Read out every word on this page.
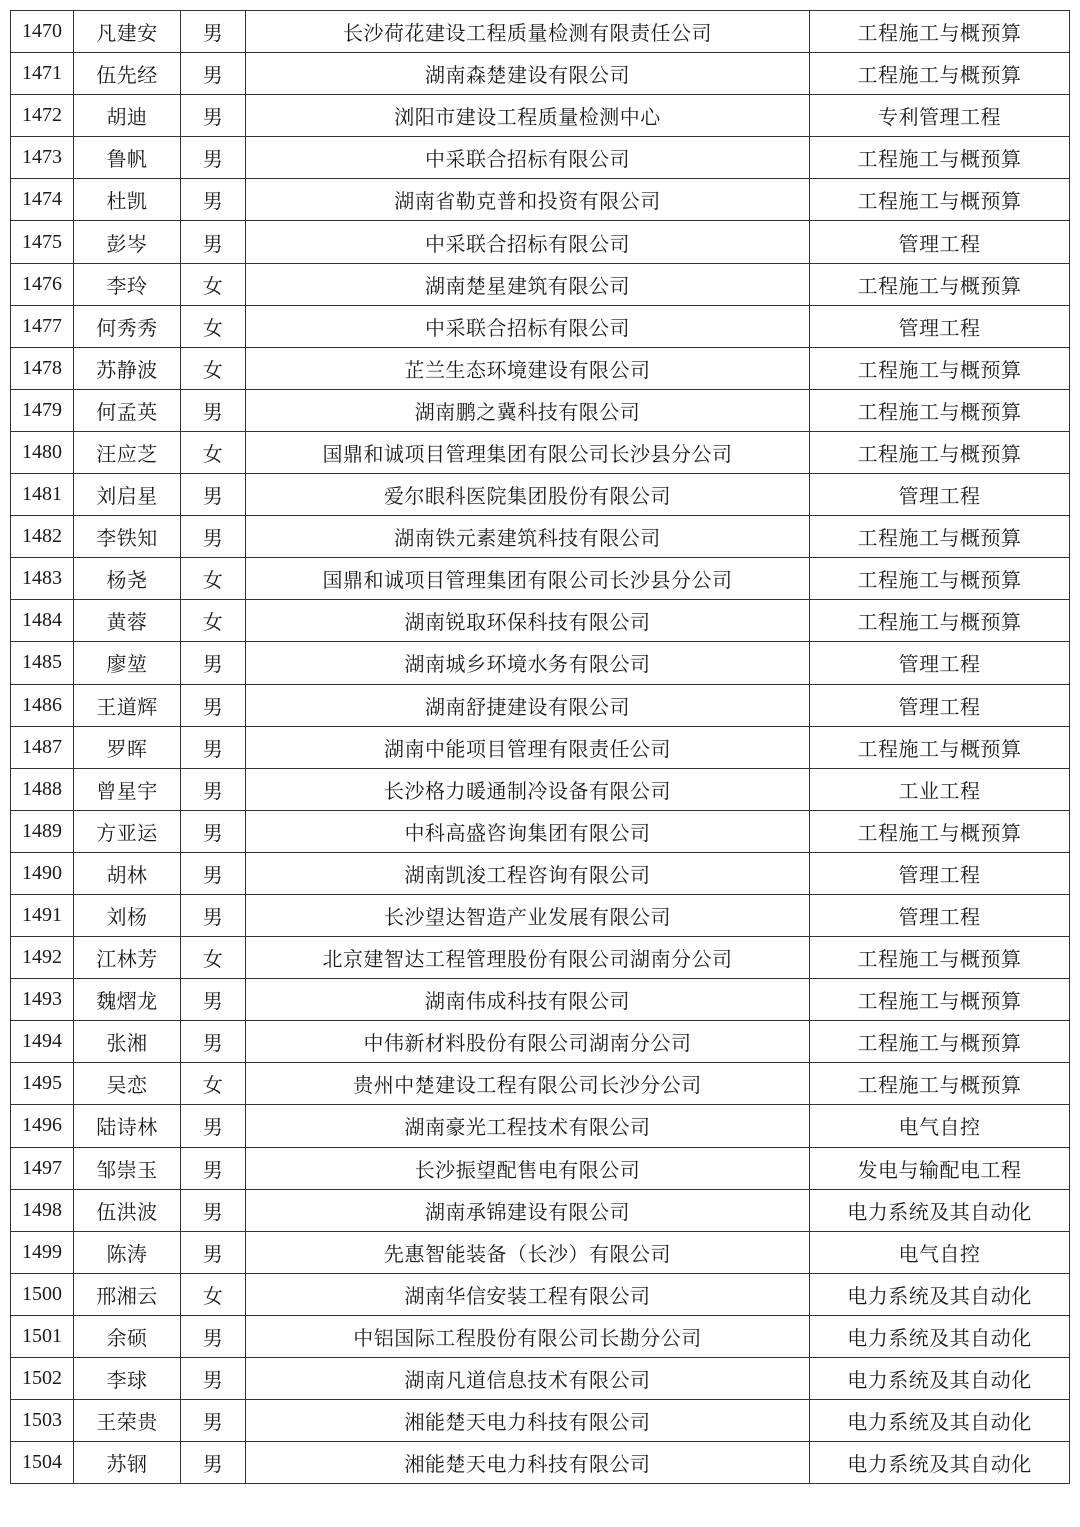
1470	凡建安	男	长沙荷花建设工程质量检测有限责任公司	工程施工与概预算
1471	伍先经	男	湖南森楚建设有限公司	工程施工与概预算
1472	胡迪	男	浏阳市建设工程质量检测中心	专利管理工程
1473	鲁帆	男	中采联合招标有限公司	工程施工与概预算
1474	杜凯	男	湖南省勒克普和投资有限公司	工程施工与概预算
1475	彭岑	男	中采联合招标有限公司	管理工程
1476	李玲	女	湖南楚星建筑有限公司	工程施工与概预算
1477	何秀秀	女	中采联合招标有限公司	管理工程
1478	苏静波	女	芷兰生态环境建设有限公司	工程施工与概预算
1479	何孟英	男	湖南鹏之冀科技有限公司	工程施工与概预算
1480	汪应芝	女	国鼎和诚项目管理集团有限公司长沙县分公司	工程施工与概预算
1481	刘启星	男	爱尔眼科医院集团股份有限公司	管理工程
1482	李铁知	男	湖南铁元素建筑科技有限公司	工程施工与概预算
1483	杨尧	女	国鼎和诚项目管理集团有限公司长沙县分公司	工程施工与概预算
1484	黄蓉	女	湖南锐取环保科技有限公司	工程施工与概预算
1485	廖堃	男	湖南城乡环境水务有限公司	管理工程
1486	王道辉	男	湖南舒捷建设有限公司	管理工程
1487	罗晖	男	湖南中能项目管理有限责任公司	工程施工与概预算
1488	曾星宇	男	长沙格力暖通制冷设备有限公司	工业工程
1489	方亚运	男	中科高盛咨询集团有限公司	工程施工与概预算
1490	胡林	男	湖南凯浚工程咨询有限公司	管理工程
1491	刘杨	男	长沙望达智造产业发展有限公司	管理工程
1492	江林芳	女	北京建智达工程管理股份有限公司湖南分公司	工程施工与概预算
1493	魏熠龙	男	湖南伟成科技有限公司	工程施工与概预算
1494	张湘	男	中伟新材料股份有限公司湖南分公司	工程施工与概预算
1495	吴恋	女	贵州中楚建设工程有限公司长沙分公司	工程施工与概预算
1496	陆诗林	男	湖南豪光工程技术有限公司	电气自控
1497	邹崇玉	男	长沙振望配售电有限公司	发电与输配电工程
1498	伍洪波	男	湖南承锦建设有限公司	电力系统及其自动化
1499	陈涛	男	先惠智能装备（长沙）有限公司	电气自控
1500	邢湘云	女	湖南华信安装工程有限公司	电力系统及其自动化
1501	余硕	男	中铝国际工程股份有限公司长勘分公司	电力系统及其自动化
1502	李球	男	湖南凡道信息技术有限公司	电力系统及其自动化
1503	王荣贵	男	湘能楚天电力科技有限公司	电力系统及其自动化
1504	苏钢	男	湘能楚天电力科技有限公司	电力系统及其自动化
